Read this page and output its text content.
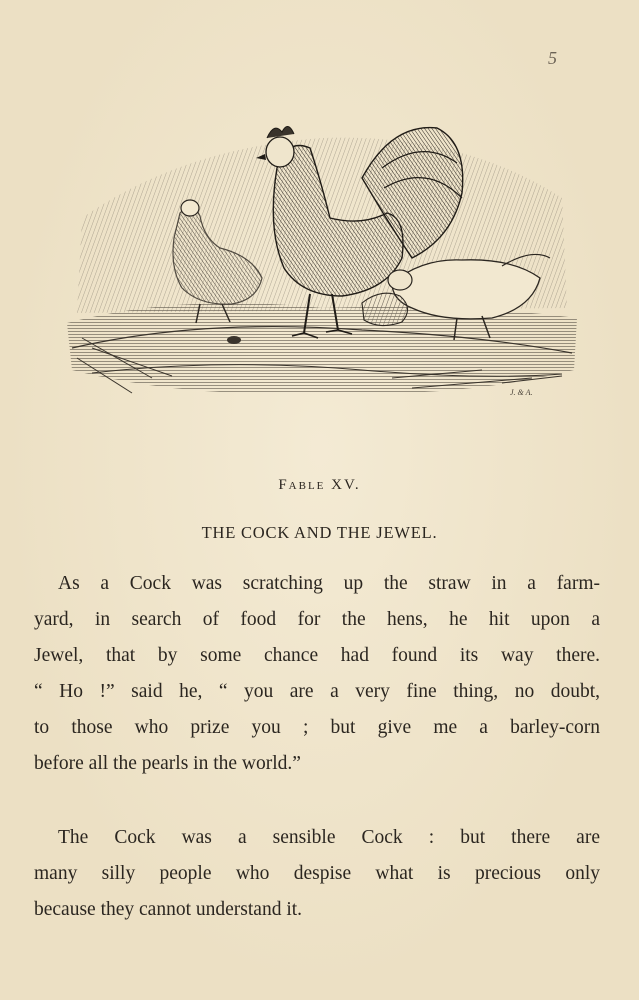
5
J. & A.
Fable XV.
THE COCK AND THE JEWEL.
As a Cock was scratching up the straw in a farm-
yard, in search of food for the hens, he hit upon a
Jewel, that by some chance had found its way there.
“ Ho !” said he, “ you are a very fine thing, no doubt,
to those who prize you ; but give me a barley-corn
before all the pearls in the world.”
The Cock was a sensible Cock : but there are
many silly people who despise what is precious only
because they cannot understand it.
